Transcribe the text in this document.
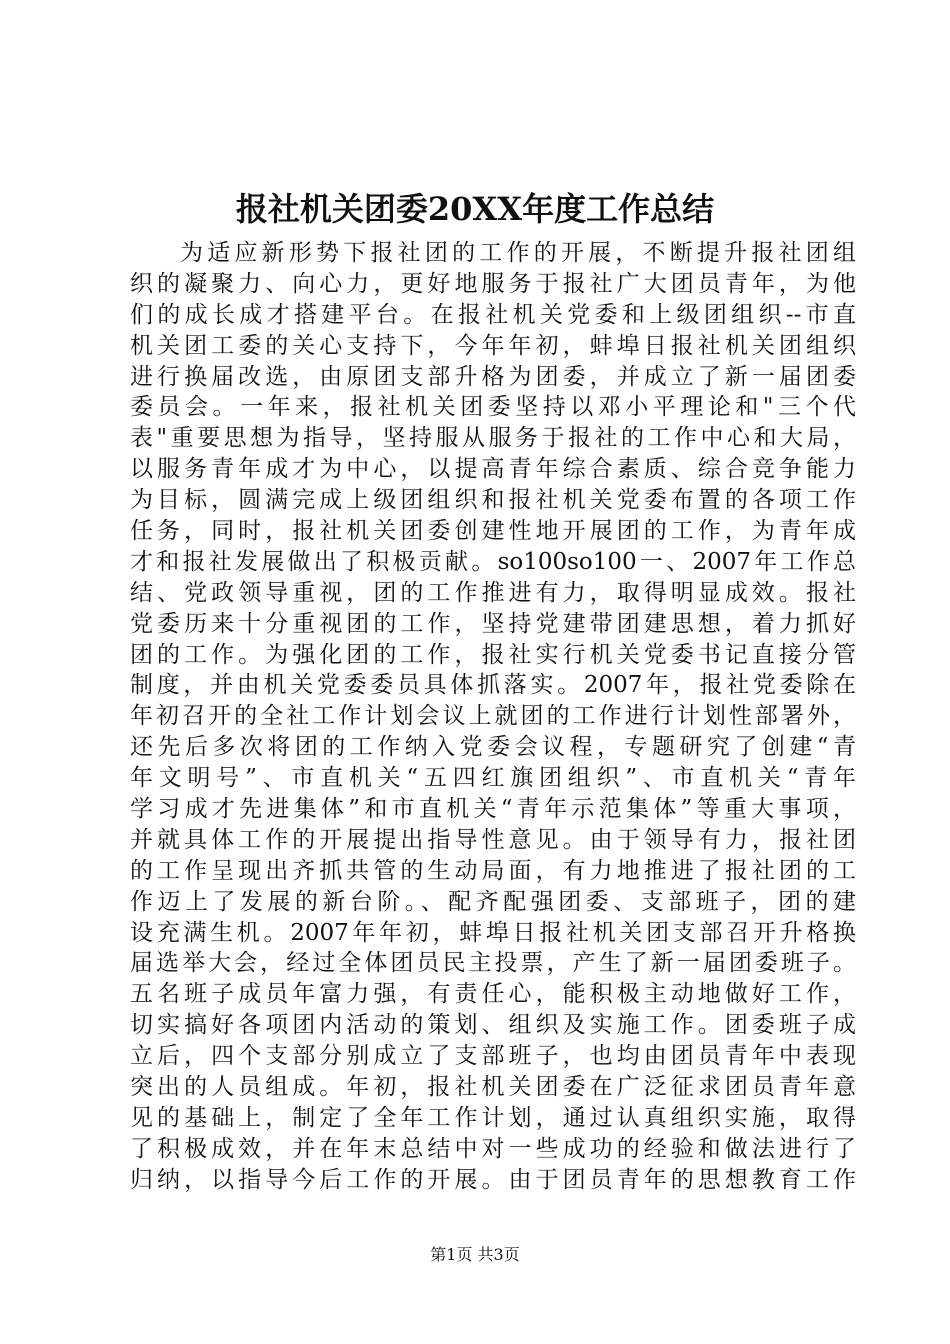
报社机关团委20XX年度工作总结
为适应新形势下报社团的工作的开展，不断提升报社团组
织的凝聚力、向心力，更好地服务于报社广大团员青年，为他
们的成长成才搭建平台。在报社机关党委和上级团组织--市直
机关团工委的关心支持下，今年年初，蚌埠日报社机关团组织
进行换届改选，由原团支部升格为团委，并成立了新一届团委
委员会。一年来，报社机关团委坚持以邓小平理论和"三个代
表"重要思想为指导，坚持服从服务于报社的工作中心和大局，
以服务青年成才为中心，以提高青年综合素质、综合竞争能力
为目标，圆满完成上级团组织和报社机关党委布置的各项工作
任务，同时，报社机关团委创建性地开展团的工作，为青年成
才和报社发展做出了积极贡献。so100so100一、2007年工作总
结、党政领导重视，团的工作推进有力，取得明显成效。报社
党委历来十分重视团的工作，坚持党建带团建思想，着力抓好
团的工作。为强化团的工作，报社实行机关党委书记直接分管
制度，并由机关党委委员具体抓落实。2007年，报社党委除在
年初召开的全社工作计划会议上就团的工作进行计划性部署外，
还先后多次将团的工作纳入党委会议程，专题研究了创建“青
年文明号”、市直机关“五四红旗团组织”、市直机关“青年
学习成才先进集体”和市直机关“青年示范集体”等重大事项，
并就具体工作的开展提出指导性意见。由于领导有力，报社团
的工作呈现出齐抓共管的生动局面，有力地推进了报社团的工
作迈上了发展的新台阶。、配齐配强团委、支部班子，团的建
设充满生机。2007年年初，蚌埠日报社机关团支部召开升格换
届选举大会，经过全体团员民主投票，产生了新一届团委班子。
五名班子成员年富力强，有责任心，能积极主动地做好工作，
切实搞好各项团内活动的策划、组织及实施工作。团委班子成
立后，四个支部分别成立了支部班子，也均由团员青年中表现
突出的人员组成。年初，报社机关团委在广泛征求团员青年意
见的基础上，制定了全年工作计划，通过认真组织实施，取得
了积极成效，并在年末总结中对一些成功的经验和做法进行了
归纳，以指导今后工作的开展。由于团员青年的思想教育工作
第1页 共3页
